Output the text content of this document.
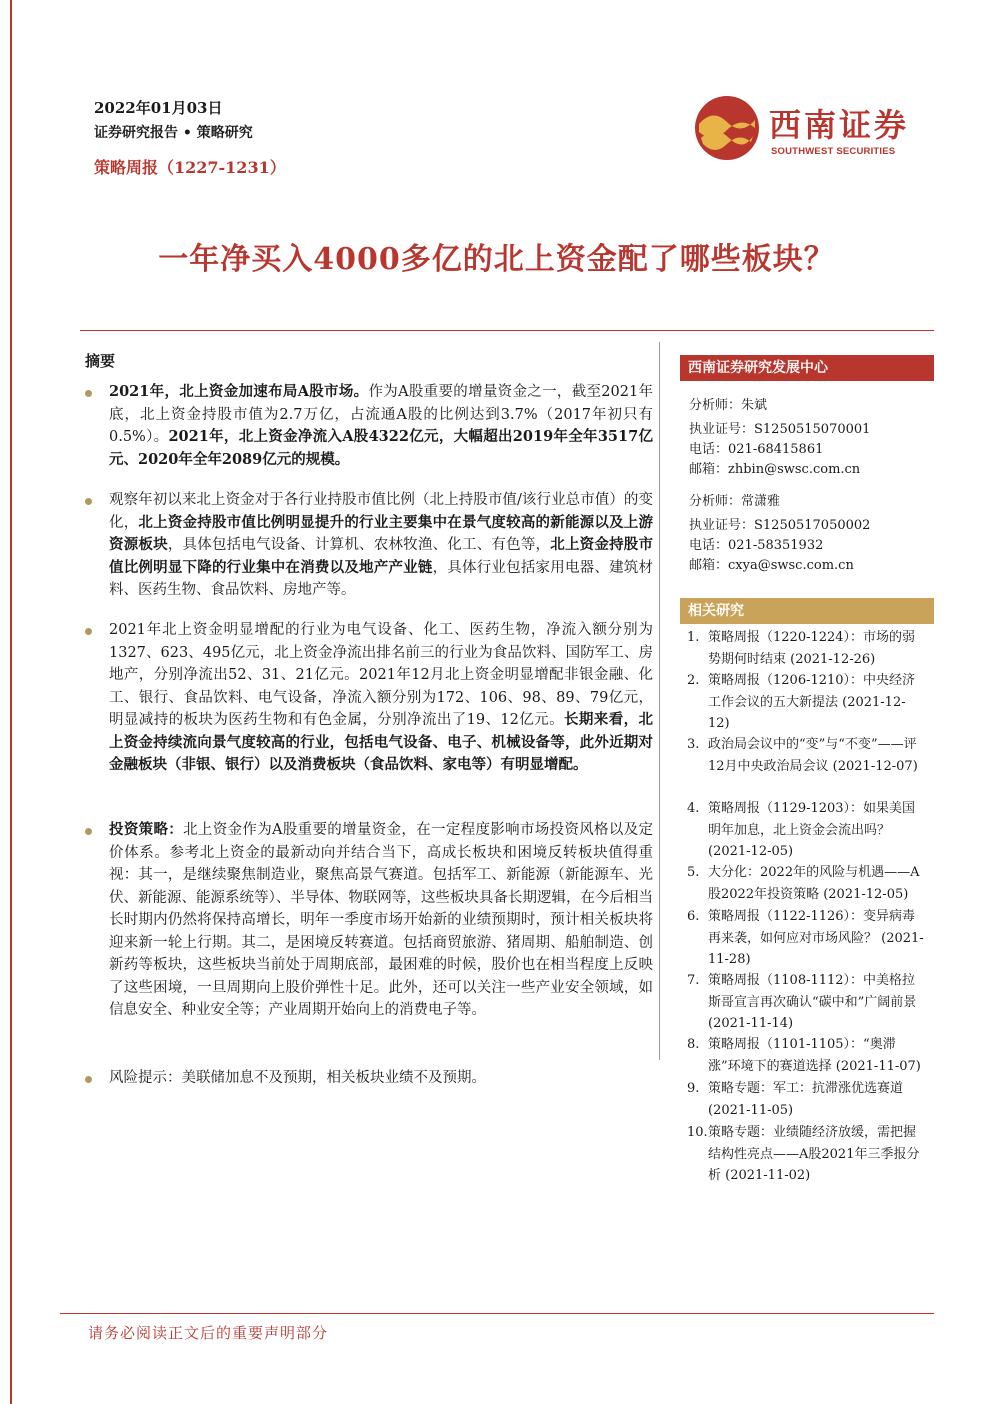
2022年01月03日
证券研究报告 • 策略研究
策略周报（1227-1231）
西南证券
SOUTHWEST SECURITIES
一年净买入4000多亿的北上资金配了哪些板块？
摘要

2021年，北上资金加速布局A股市场。作为A股重要的增量资金之一，截至2021年底，北上资金持股市值为2.7万亿，占流通A股的比例达到3.7%（2017年初只有0.5%）。2021年，北上资金净流入A股4322亿元，大幅超出2019年全年3517亿元、2020年全年2089亿元的规模。

观察年初以来北上资金对于各行业持股市值比例（北上持股市值/该行业总市值）的变化，北上资金持股市值比例明显提升的行业主要集中在景气度较高的新能源以及上游资源板块，具体包括电气设备、计算机、农林牧渔、化工、有色等，北上资金持股市值比例明显下降的行业集中在消费以及地产产业链，具体行业包括家用电器、建筑材料、医药生物、食品饮料、房地产等。

2021年北上资金明显增配的行业为电气设备、化工、医药生物，净流入额分别为1327、623、495亿元，北上资金净流出排名前三的行业为食品饮料、国防军工、房地产，分别净流出52、31、21亿元。2021年12月北上资金明显增配非银金融、化工、银行、食品饮料、电气设备，净流入额分别为172、106、98、89、79亿元，明显减持的板块为医药生物和有色金属，分别净流出了19、12亿元。长期来看，北上资金持续流向景气度较高的行业，包括电气设备、电子、机械设备等，此外近期对金融板块（非银、银行）以及消费板块（食品饮料、家电等）有明显增配。

投资策略：北上资金作为A股重要的增量资金，在一定程度影响市场投资风格以及定价体系。参考北上资金的最新动向并结合当下，高成长板块和困境反转板块值得重视：其一，是继续聚焦制造业，聚焦高景气赛道。包括军工、新能源（新能源车、光伏、新能源、能源系统等）、半导体、物联网等，这些板块具备长期逻辑，在今后相当长时期内仍然将保持高增长，明年一季度市场开始新的业绩预期时，预计相关板块将迎来新一轮上行期。其二，是困境反转赛道。包括商贸旅游、猪周期、船舶制造、创新药等板块，这些板块当前处于周期底部，最困难的时候，股价也在相当程度上反映了这些困境，一旦周期向上股价弹性十足。此外，还可以关注一些产业安全领域，如信息安全、种业安全等；产业周期开始向上的消费电子等。

风险提示：美联储加息不及预期，相关板块业绩不及预期。

西南证券研究发展中心
分析师：朱斌
执业证号：S1250515070001
电话：021-68415861
邮箱：zhbin@swsc.com.cn
分析师：常潇雅
执业证号：S1250517050002
电话：021-58351932
邮箱：cxya@swsc.com.cn
相关研究
1. 策略周报（1220-1224）：市场的弱势期何时结束 (2021-12-26)
2. 策略周报（1206-1210）：中央经济工作会议的五大新提法 (2021-12-12)
3. 政治局会议中的“变”与“不变”——评12月中央政治局会议 (2021-12-07)
4. 策略周报（1129-1203）：如果美国明年加息，北上资金会流出吗？ (2021-12-05)
5. 大分化：2022年的风险与机遇——A股2022年投资策略 (2021-12-05)
6. 策略周报（1122-1126）：变异病毒再来袭，如何应对市场风险？ (2021-11-28)
7. 策略周报（1108-1112）：中美格拉斯哥宣言再次确认“碳中和”广阔前景 (2021-11-14)
8. 策略周报（1101-1105）：“奥滞涨”环境下的赛道选择 (2021-11-07)
9. 策略专题：军工：抗滞涨优选赛道 (2021-11-05)
10. 策略专题：业绩随经济放缓，需把握结构性亮点——A股2021年三季报分析 (2021-11-02)
请务必阅读正文后的重要声明部分
